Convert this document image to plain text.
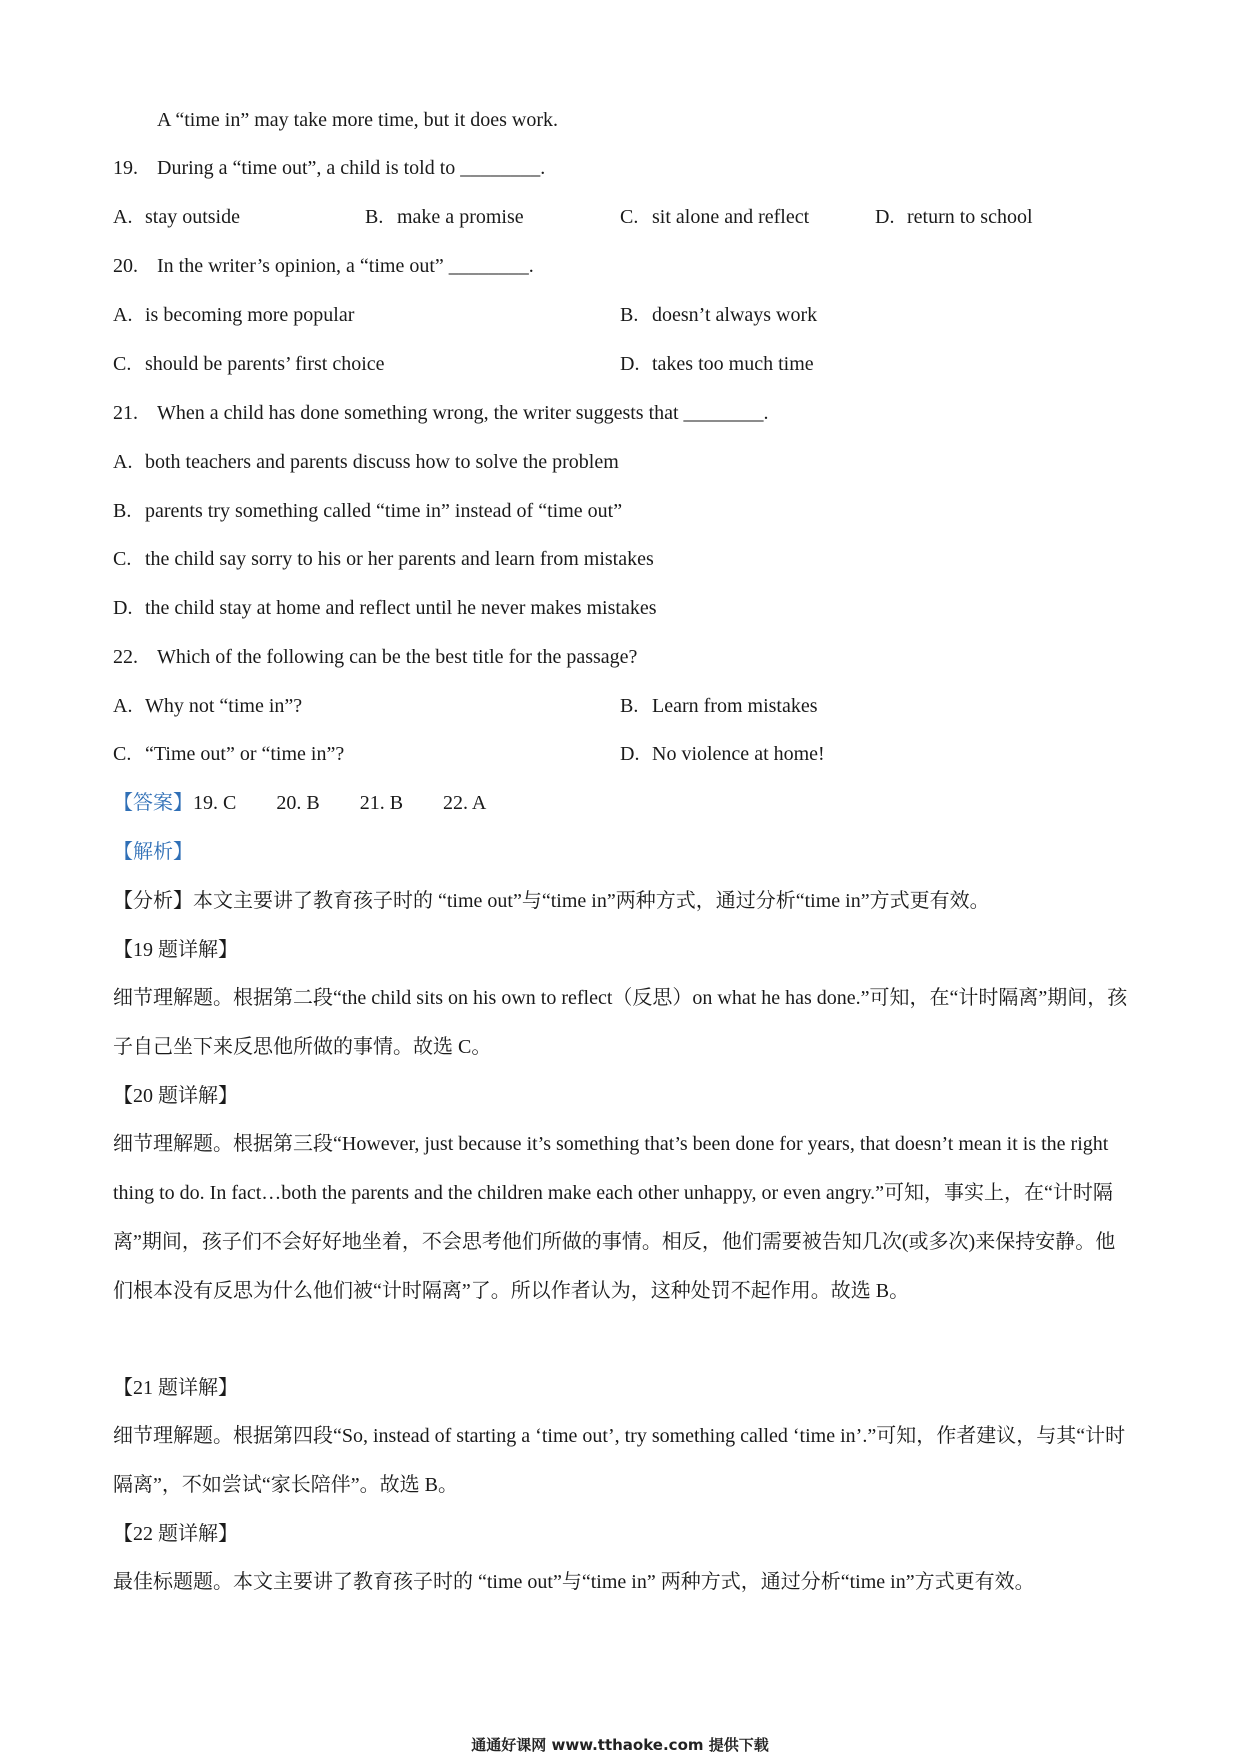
A “time in” may take more time, but it does work.
19. During a “time out”, a child is told to ________.
A. stay outside	B. make a promise	C. sit alone and reflect	D. return to school
20. In the writer’s opinion, a “time out” ________.
A. is becoming more popular	B. doesn’t always work
C. should be parents’ first choice	D. takes too much time
21. When a child has done something wrong, the writer suggests that ________.
A. both teachers and parents discuss how to solve the problem
B. parents try something called “time in” instead of “time out”
C. the child say sorry to his or her parents and learn from mistakes
D. the child stay at home and reflect until he never makes mistakes
22. Which of the following can be the best title for the passage?
A. Why not “time in”?	B. Learn from mistakes
C. “Time out” or “time in”?	D. No violence at home!
【答案】19. C 20. B 21. B 22. A
【解析】
【分析】本文主要讲了教育孩子时的 “time out”与“time in”两种方式，通过分析“time in”方式更有效。
【19 题详解】
细节理解题。根据第二段“the child sits on his own to reflect（反思）on what he has done.”可知，在“计时隔离”期间，孩子自己坐下来反思他所做的事情。故选 C。
【20 题详解】
细节理解题。根据第三段“However, just because it’s something that’s been done for years, that doesn’t mean it is the right thing to do. In fact…both the parents and the children make each other unhappy, or even angry.”可知，事实上，在“计时隔离”期间，孩子们不会好好地坐着，不会思考他们所做的事情。相反，他们需要被告知几次(或多次)来保持安静。他们根本没有反思为什么他们被“计时隔离”了。所以作者认为，这种处罚不起作用。故选 B。
【21 题详解】
细节理解题。根据第四段“So, instead of starting a ‘time out’, try something called ‘time in’.”可知，作者建议，与其“计时隔离”，不如尝试“家长陪伴”。故选 B。
【22 题详解】
最佳标题题。本文主要讲了教育孩子时的 “time out”与“time in” 两种方式，通过分析“time in”方式更有效。
通通好课网 www.tthaoke.com 提供下载
